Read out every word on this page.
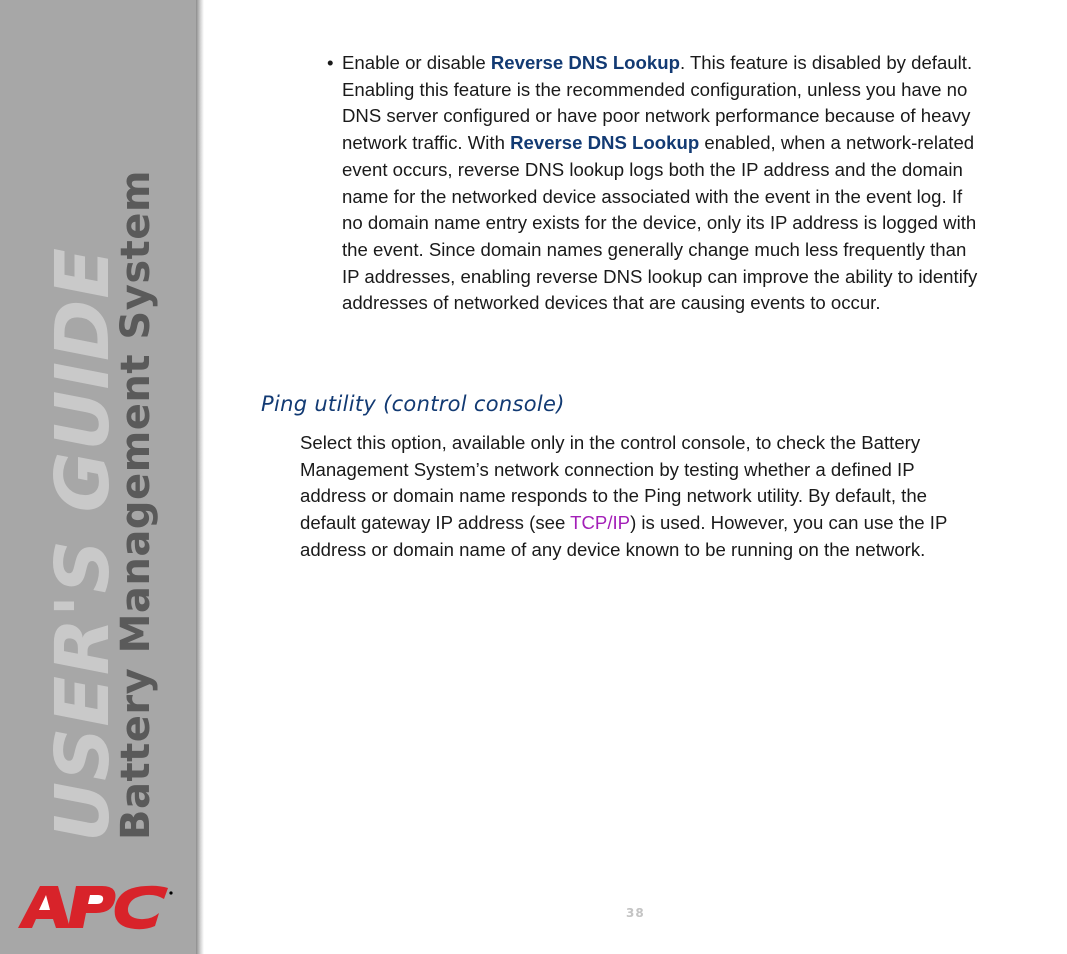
USER'S GUIDE
Battery Management System
• Enable or disable Reverse DNS Lookup. This feature is disabled by default. Enabling this feature is the recommended configuration, unless you have no DNS server configured or have poor network performance because of heavy network traffic. With Reverse DNS Lookup enabled, when a network-related event occurs, reverse DNS lookup logs both the IP address and the domain name for the networked device associated with the event in the event log. If no domain name entry exists for the device, only its IP address is logged with the event. Since domain names generally change much less frequently than IP addresses, enabling reverse DNS lookup can improve the ability to identify addresses of networked devices that are causing events to occur.
Ping utility (control console)
Select this option, available only in the control console, to check the Battery Management System’s network connection by testing whether a defined IP address or domain name responds to the Ping network utility. By default, the default gateway IP address (see TCP/IP) is used. However, you can use the IP address or domain name of any device known to be running on the network.
38
